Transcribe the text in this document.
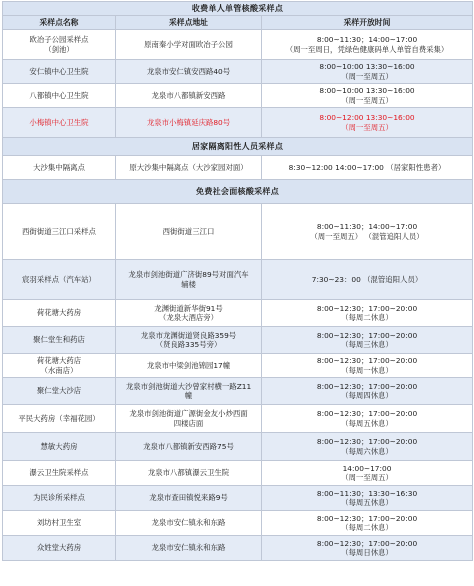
收费单人单管核酸采样点		
采样点名称	采样点地址	采样开放时间

欧冶子公园采样点
（剑池）	原南秦小学对面欧冶子公园	8:00~11:30；14:00~17:00
（周一至周日，凭绿色健康码单人单管自费采集）

安仁镇中心卫生院	龙泉市安仁镇安西路40号	8:00~10:00 13:30~16:00
（周一至周五）

八都镇中心卫生院	龙泉市八都镇新安西路	8:00~10:00 13:30~16:00
（周一至周五）

小梅镇中心卫生院	龙泉市小梅镇延庆路80号	8:00~12:00 13:30~16:00
（周一至周五）

居家隔离阳性人员采样点		

大沙集中隔离点	原大沙集中隔离点（大沙家园对面）	8:30~12:00 14:00~17:00 （居家阳性患者）

免费社会面核酸采样点		

西街街道三江口采样点	西街街道三江口	8:00~11:30；14:00~17:00
（周一至周五） （混管追阳人员）

宸羽采样点（汽车站）	龙泉市剑池街道广济街89号对面汽车
辅楼	7:30~23：00 （混管追阳人员）

荷花塘大药房	龙渊街道新华街91号
（龙泉大酒店旁）	8:00~12:30；17:00~20:00
（每周二休息）

聚仁堂生和药店	龙泉市龙渊街道贤良路359号
（贤良路335号旁）	8:00~12:30；17:00~20:00
（每周三休息）

荷花塘大药店
（水南店）	龙泉市中梁剑池锦园17幢	8:00~12:30；17:00~20:00
（每周一休息）

聚仁堂大沙店	龙泉市剑池街道大沙曾家村横一路Z11
幢	8:00~12:30；17:00~20:00
（每周四休息）

平民大药房（幸福花园）	龙泉市剑池街道广源街金友小炒西面
四楼店面	8:00~12:30；17:00~20:00
（每周五休息）

慧敏大药房	龙泉市八都镇新安西路75号	8:00~12:30；17:00~20:00
（每周六休息）

瀑云卫生院采样点	龙泉市八都镇瀑云卫生院	14:00~17:00
（周一至周五）

为民诊所采样点	龙泉市查田镇悦来路9号	8:00~11:30；13:30~16:30
（每周五休息）

刘坊村卫生室	龙泉市安仁镇永和东路	8:00~12:30；17:00~20:00
（每周二休息）

众姓堂大药房	龙泉市安仁镇永和东路	8:00~12:30；17:00~20:00
（每周日休息）
